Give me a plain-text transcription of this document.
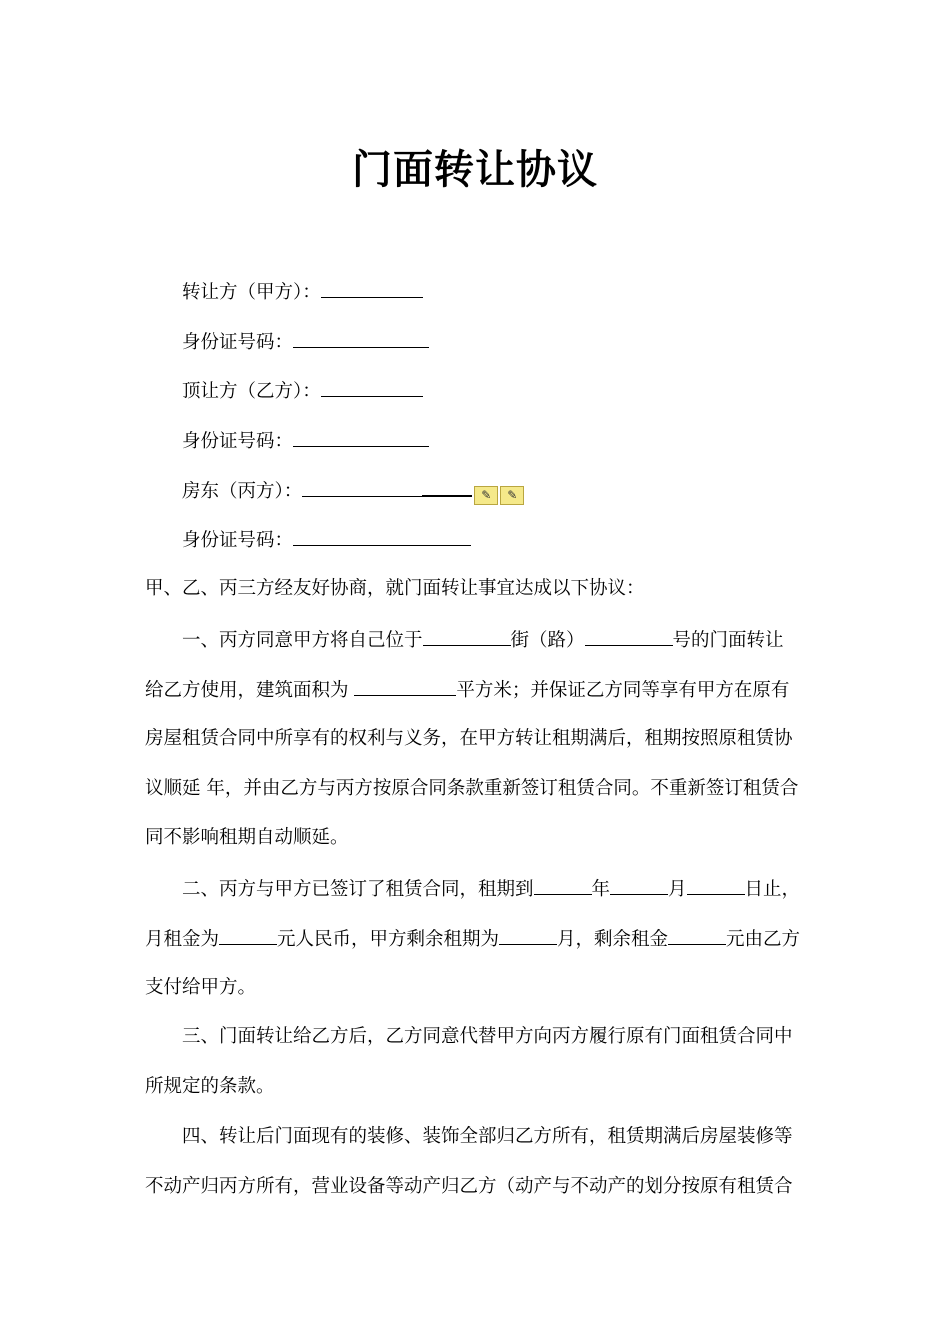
门面转让协议
转让方（甲方）：
身份证号码：
顶让方（乙方）：
身份证号码：
房东（丙方）：	✎ ✎
身份证号码：
甲、乙、丙三方经友好协商，就门面转让事宜达成以下协议：
一、丙方同意甲方将自己位于	街（路）	号的门面转让
给乙方使用，建筑面积为	平方米；并保证乙方同等享有甲方在原有
房屋租赁合同中所享有的权利与义务，在甲方转让租期满后，租期按照原租赁协
议顺延 年，并由乙方与丙方按原合同条款重新签订租赁合同。不重新签订租赁合
同不影响租期自动顺延。
二、丙方与甲方已签订了租赁合同，租期到	年	月	日止，
月租金为	元人民币，甲方剩余租期为	月，剩余租金	元由乙方
支付给甲方。
三、门面转让给乙方后，乙方同意代替甲方向丙方履行原有门面租赁合同中
所规定的条款。
四、转让后门面现有的装修、装饰全部归乙方所有，租赁期满后房屋装修等
不动产归丙方所有，营业设备等动产归乙方（动产与不动产的划分按原有租赁合
